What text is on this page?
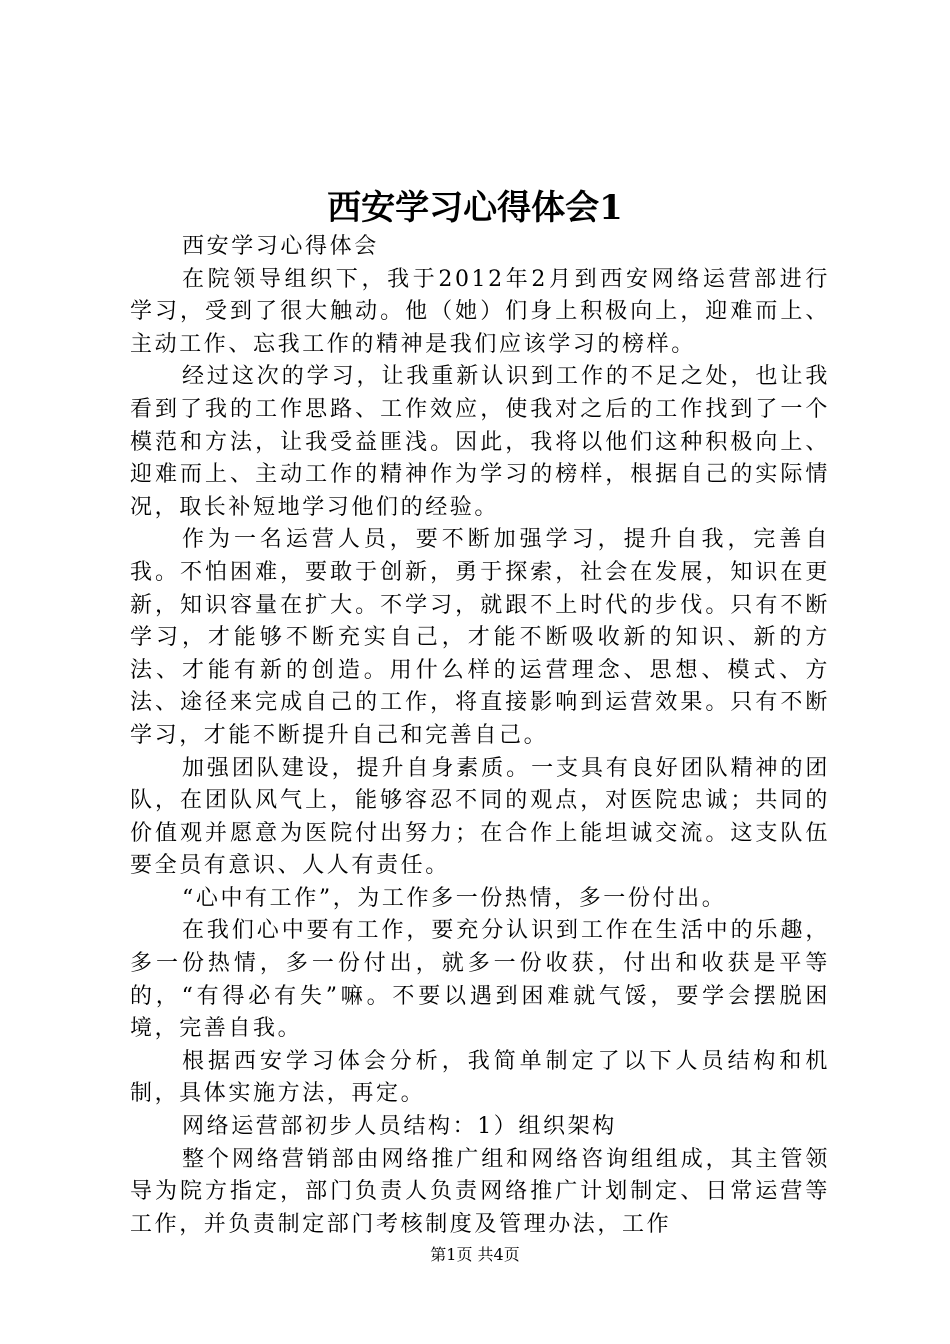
西安学习心得体会1

西安学习心得体会

在院领导组织下，我于2012年2月到西安网络运营部进行学习，受到了很大触动。他（她）们身上积极向上，迎难而上、主动工作、忘我工作的精神是我们应该学习的榜样。

经过这次的学习，让我重新认识到工作的不足之处，也让我看到了我的工作思路、工作效应，使我对之后的工作找到了一个模范和方法，让我受益匪浅。因此，我将以他们这种积极向上、迎难而上、主动工作的精神作为学习的榜样，根据自己的实际情况，取长补短地学习他们的经验。

作为一名运营人员，要不断加强学习，提升自我，完善自我。不怕困难，要敢于创新，勇于探索，社会在发展，知识在更新，知识容量在扩大。不学习，就跟不上时代的步伐。只有不断学习，才能够不断充实自己，才能不断吸收新的知识、新的方法、才能有新的创造。用什么样的运营理念、思想、模式、方法、途径来完成自己的工作，将直接影响到运营效果。只有不断学习，才能不断提升自己和完善自己。

加强团队建设，提升自身素质。一支具有良好团队精神的团队，在团队风气上，能够容忍不同的观点，对医院忠诚；共同的价值观并愿意为医院付出努力；在合作上能坦诚交流。这支队伍要全员有意识、人人有责任。

“心中有工作”，为工作多一份热情，多一份付出。

在我们心中要有工作，要充分认识到工作在生活中的乐趣，多一份热情，多一份付出，就多一份收获，付出和收获是平等的，“有得必有失”嘛。不要以遇到困难就气馁，要学会摆脱困境，完善自我。

根据西安学习体会分析，我简单制定了以下人员结构和机制，具体实施方法，再定。

网络运营部初步人员结构：1）组织架构

整个网络营销部由网络推广组和网络咨询组组成，其主管领导为院方指定，部门负责人负责网络推广计划制定、日常运营等工作，并负责制定部门考核制度及管理办法，工作

第1页 共4页
